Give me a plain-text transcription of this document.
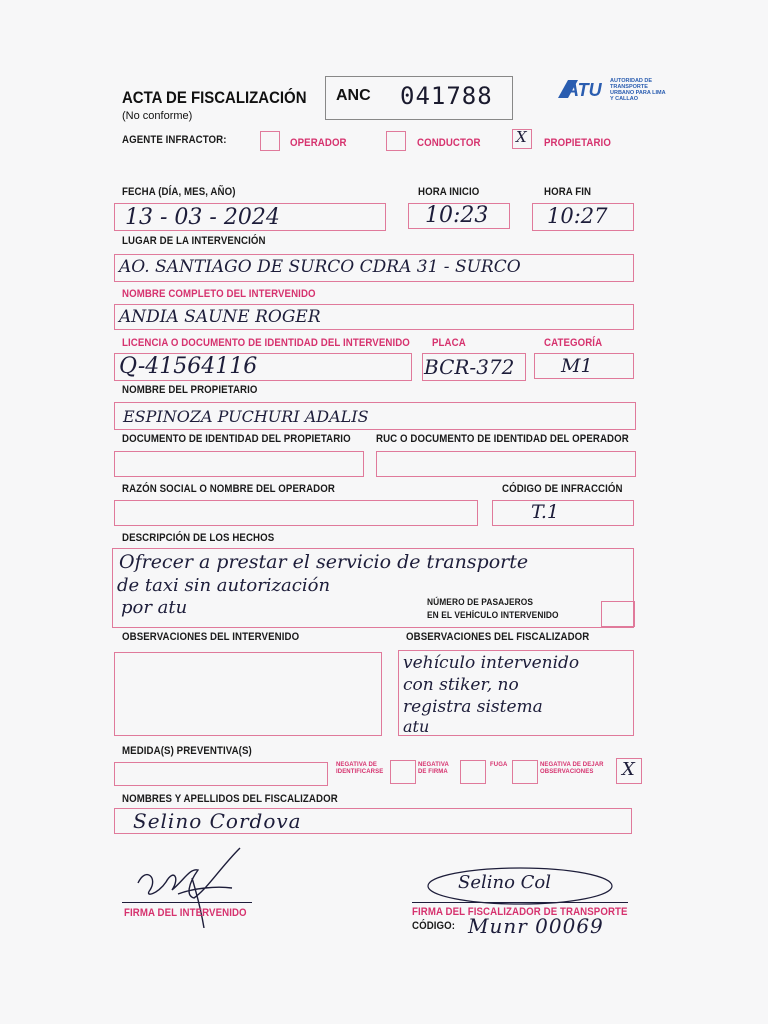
ACTA DE FISCALIZACIÓN
(No conforme)
ANC 041788	ATU AUTORIDAD DE TRANSPORTE URBANO PARA LIMA Y CALLAO
AGENTE INFRACTOR:	OPERADOR	CONDUCTOR X PROPIETARIO
FECHA (DÍA, MES, AÑO)
13 - 03 - 2024
HORA INICIO
10:23
HORA FIN
10:27
LUGAR DE LA INTERVENCIÓN
AO. SANTIAGO DE SURCO CDRA 31 - SURCO
NOMBRE COMPLETO DEL INTERVENIDO
ANDIA SAUNE ROGER
LICENCIA O DOCUMENTO DE IDENTIDAD DEL INTERVENIDO
Q-41564116
PLACA
BCR-372
CATEGORÍA
M1
NOMBRE DEL PROPIETARIO
ESPINOZA PUCHURI ADALIS
DOCUMENTO DE IDENTIDAD DEL PROPIETARIO RUC O DOCUMENTO DE IDENTIDAD DEL OPERADOR
RAZÓN SOCIAL O NOMBRE DEL OPERADOR	CÓDIGO DE INFRACCIÓN
T.1
DESCRIPCIÓN DE LOS HECHOS
Ofrecer a prestar el servicio de transporte
de taxi sin autorización
por atu	NÚMERO DE PASAJEROS
EN EL VEHÍCULO INTERVENIDO
OBSERVACIONES DEL INTERVENIDO	OBSERVACIONES DEL FISCALIZADOR
vehículo intervenido
con stiker, no
registra sistema
atu
MEDIDA(S) PREVENTIVA(S)
NEGATIVA DE IDENTIFICARSE
NEGATIVA DE FIRMA
FUGA	NEGATIVA DE DEJAR OBSERVACIONES	X
NOMBRES Y APELLIDOS DEL FISCALIZADOR
Selino Cordova
FIRMA DEL INTERVENIDO
Selino Col
FIRMA DEL FISCALIZADOR DE TRANSPORTE
CÓDIGO: Munr 00069
